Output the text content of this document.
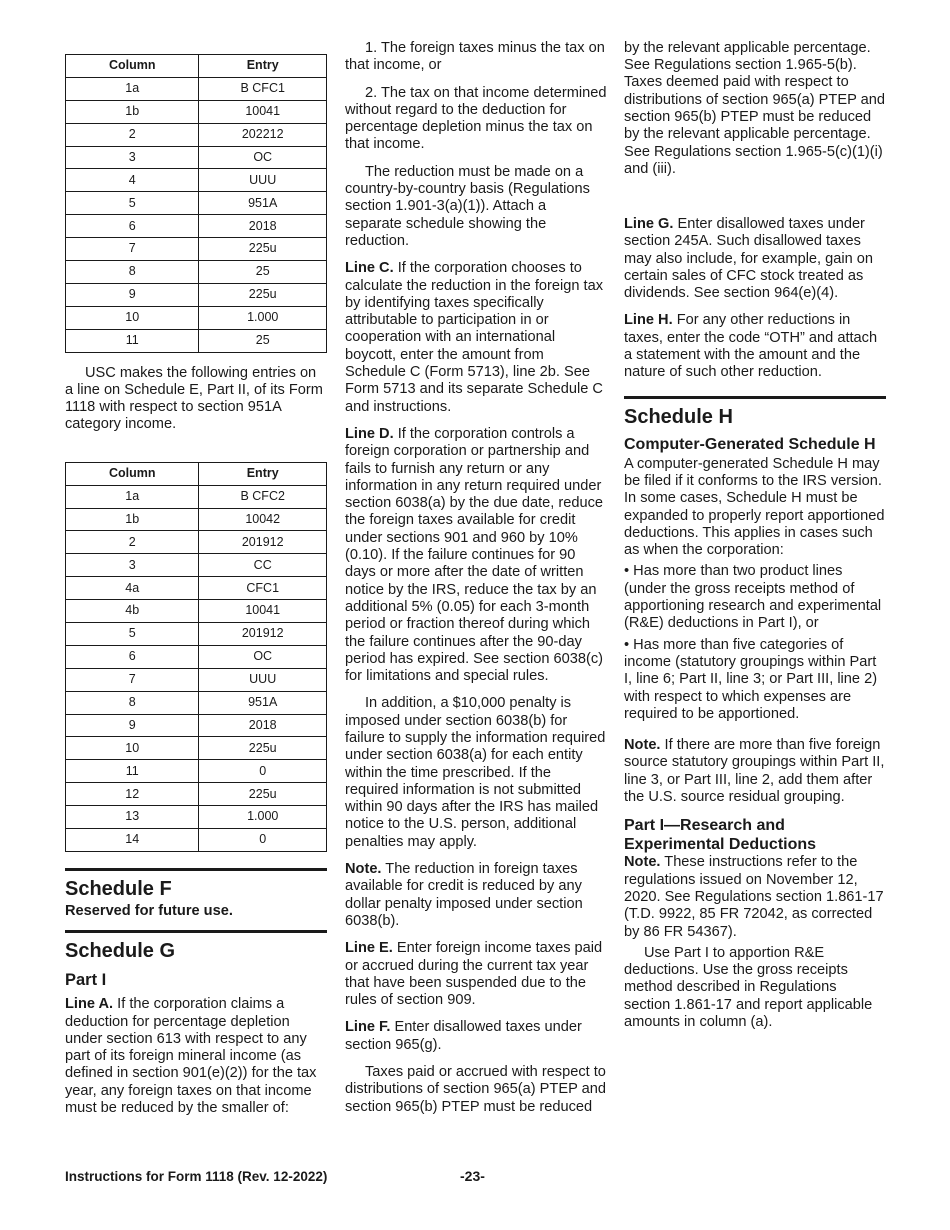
Column	Entry
1a	B CFC1
1b	10041
2	202212
3	OC
4	UUU
5	951A
6	2018
7	225u
8	25
9	225u
10	1.000
11	25

USC makes the following entries on a line on Schedule E, Part II, of its Form 1118 with respect to section 951A category income.

Column	Entry
1a	B CFC2
1b	10042
2	201912
3	CC
4a	CFC1
4b	10041
5	201912
6	OC
7	UUU
8	951A
9	2018
10	225u
11	0
12	225u
13	1.000
14	0
Schedule F
Reserved for future use.
Schedule G
Part I

Line A. If the corporation claims a deduction for percentage depletion under section 613 with respect to any part of its foreign mineral income (as defined in section 901(e)(2)) for the tax year, any foreign taxes on that income must be reduced by the smaller of:

1. The foreign taxes minus the tax on that income, or

2. The tax on that income determined without regard to the deduction for percentage depletion minus the tax on that income.

The reduction must be made on a country-by-country basis (Regulations section 1.901-3(a)(1)). Attach a separate schedule showing the reduction.

Line C. If the corporation chooses to calculate the reduction in the foreign tax by identifying taxes specifically attributable to participation in or cooperation with an international boycott, enter the amount from Schedule C (Form 5713), line 2b. See Form 5713 and its separate Schedule C and instructions.

Line D. If the corporation controls a foreign corporation or partnership and fails to furnish any return or any information in any return required under section 6038(a) by the due date, reduce the foreign taxes available for credit under sections 901 and 960 by 10% (0.10). If the failure continues for 90 days or more after the date of written notice by the IRS, reduce the tax by an additional 5% (0.05) for each 3-month period or fraction thereof during which the failure continues after the 90-day period has expired. See section 6038(c) for limitations and special rules.

In addition, a $10,000 penalty is imposed under section 6038(b) for failure to supply the information required under section 6038(a) for each entity within the time prescribed. If the required information is not submitted within 90 days after the IRS has mailed notice to the U.S. person, additional penalties may apply.

Note. The reduction in foreign taxes available for credit is reduced by any dollar penalty imposed under section 6038(b).

Line E. Enter foreign income taxes paid or accrued during the current tax year that have been suspended due to the rules of section 909.

Line F. Enter disallowed taxes under section 965(g).

Taxes paid or accrued with respect to distributions of section 965(a) PTEP and section 965(b) PTEP must be reduced

by the relevant applicable percentage. See Regulations section 1.965-5(b). Taxes deemed paid with respect to distributions of section 965(a) PTEP and section 965(b) PTEP must be reduced by the relevant applicable percentage. See Regulations section 1.965-5(c)(1)(i) and (iii).

Line G. Enter disallowed taxes under section 245A. Such disallowed taxes may also include, for example, gain on certain sales of CFC stock treated as dividends. See section 964(e)(4).

Line H. For any other reductions in taxes, enter the code “OTH” and attach a statement with the amount and the nature of such other reduction.

Schedule H
Computer-Generated Schedule H

A computer-generated Schedule H may be filed if it conforms to the IRS version. In some cases, Schedule H must be expanded to properly report apportioned deductions. This applies in cases such as when the corporation:

• Has more than two product lines (under the gross receipts method of apportioning research and experimental (R&E) deductions in Part I), or

• Has more than five categories of income (statutory groupings within Part I, line 6; Part II, line 3; or Part III, line 2) with respect to which expenses are required to be apportioned.

Note. If there are more than five foreign source statutory groupings within Part II, line 3, or Part III, line 2, add them after the U.S. source residual grouping.

Part I—Research and Experimental Deductions

Note. These instructions refer to the regulations issued on November 12, 2020. See Regulations section 1.861-17 (T.D. 9922, 85 FR 72042, as corrected by 86 FR 54367).

Use Part I to apportion R&E deductions. Use the gross receipts method described in Regulations section 1.861-17 and report applicable amounts in column (a).

Instructions for Form 1118 (Rev. 12-2022)	-23-
